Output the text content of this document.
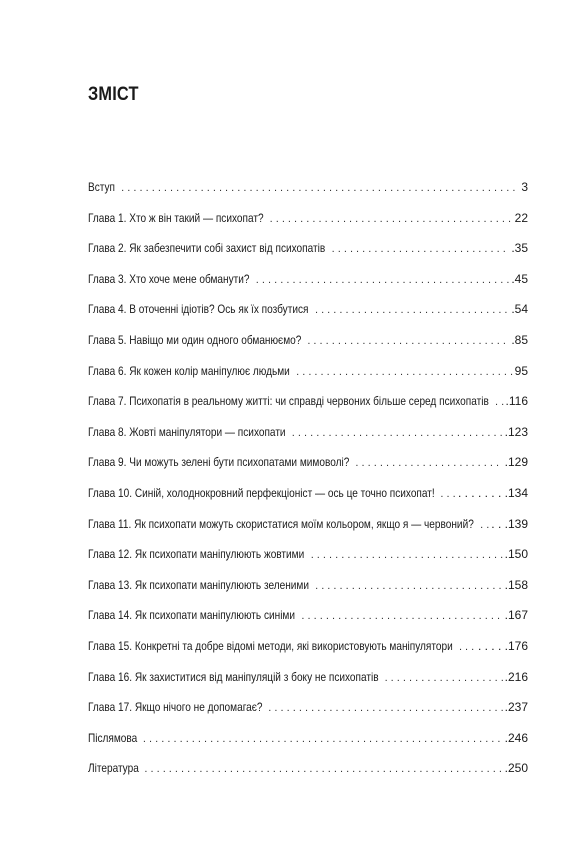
ЗМІСТ
Вступ . . .	3
Глава 1. Хто ж він такий — психопат? . . .	22
Глава 2. Як забезпечити собі захист від психопатів . . .	.35
Глава 3. Хто хоче мене обманути? . . .	.45
Глава 4. В оточенні ідіотів? Ось як їх позбутися . . .	.54
Глава 5. Навіщо ми один одного обманюємо? . . .	.85
Глава 6. Як кожен колір маніпулює людьми . . .	95
Глава 7. Психопатія в реальному житті: чи справді червоних більше серед психопатів . . . .116
Глава 8. Жовті маніпулятори — психопати . . .	.123
Глава 9. Чи можуть зелені бути психопатами мимоволі? . . .	.129
Глава 10. Синій, холоднокровний перфекціоніст — ось це точно психопат! . . . . . . . . . . .134
Глава 11. Як психопати можуть скористатися моїм кольором, якщо я — червоний? . . . . . .139
Глава 12. Як психопати маніпулюють жовтими . . .	.150
Глава 13. Як психопати маніпулюють зеленими . . .	.158
Глава 14. Як психопати маніпулюють синіми . . .	.167
Глава 15. Конкретні та добре відомі методи, які використовують маніпулятори . . . . . . . .176
Глава 16. Як захиститися від маніпуляцій з боку не психопатів . . .	.216
Глава 17. Якщо нічого не допомагає? . . .	.237
Післямова . . .	.246
Література . . .	.250
